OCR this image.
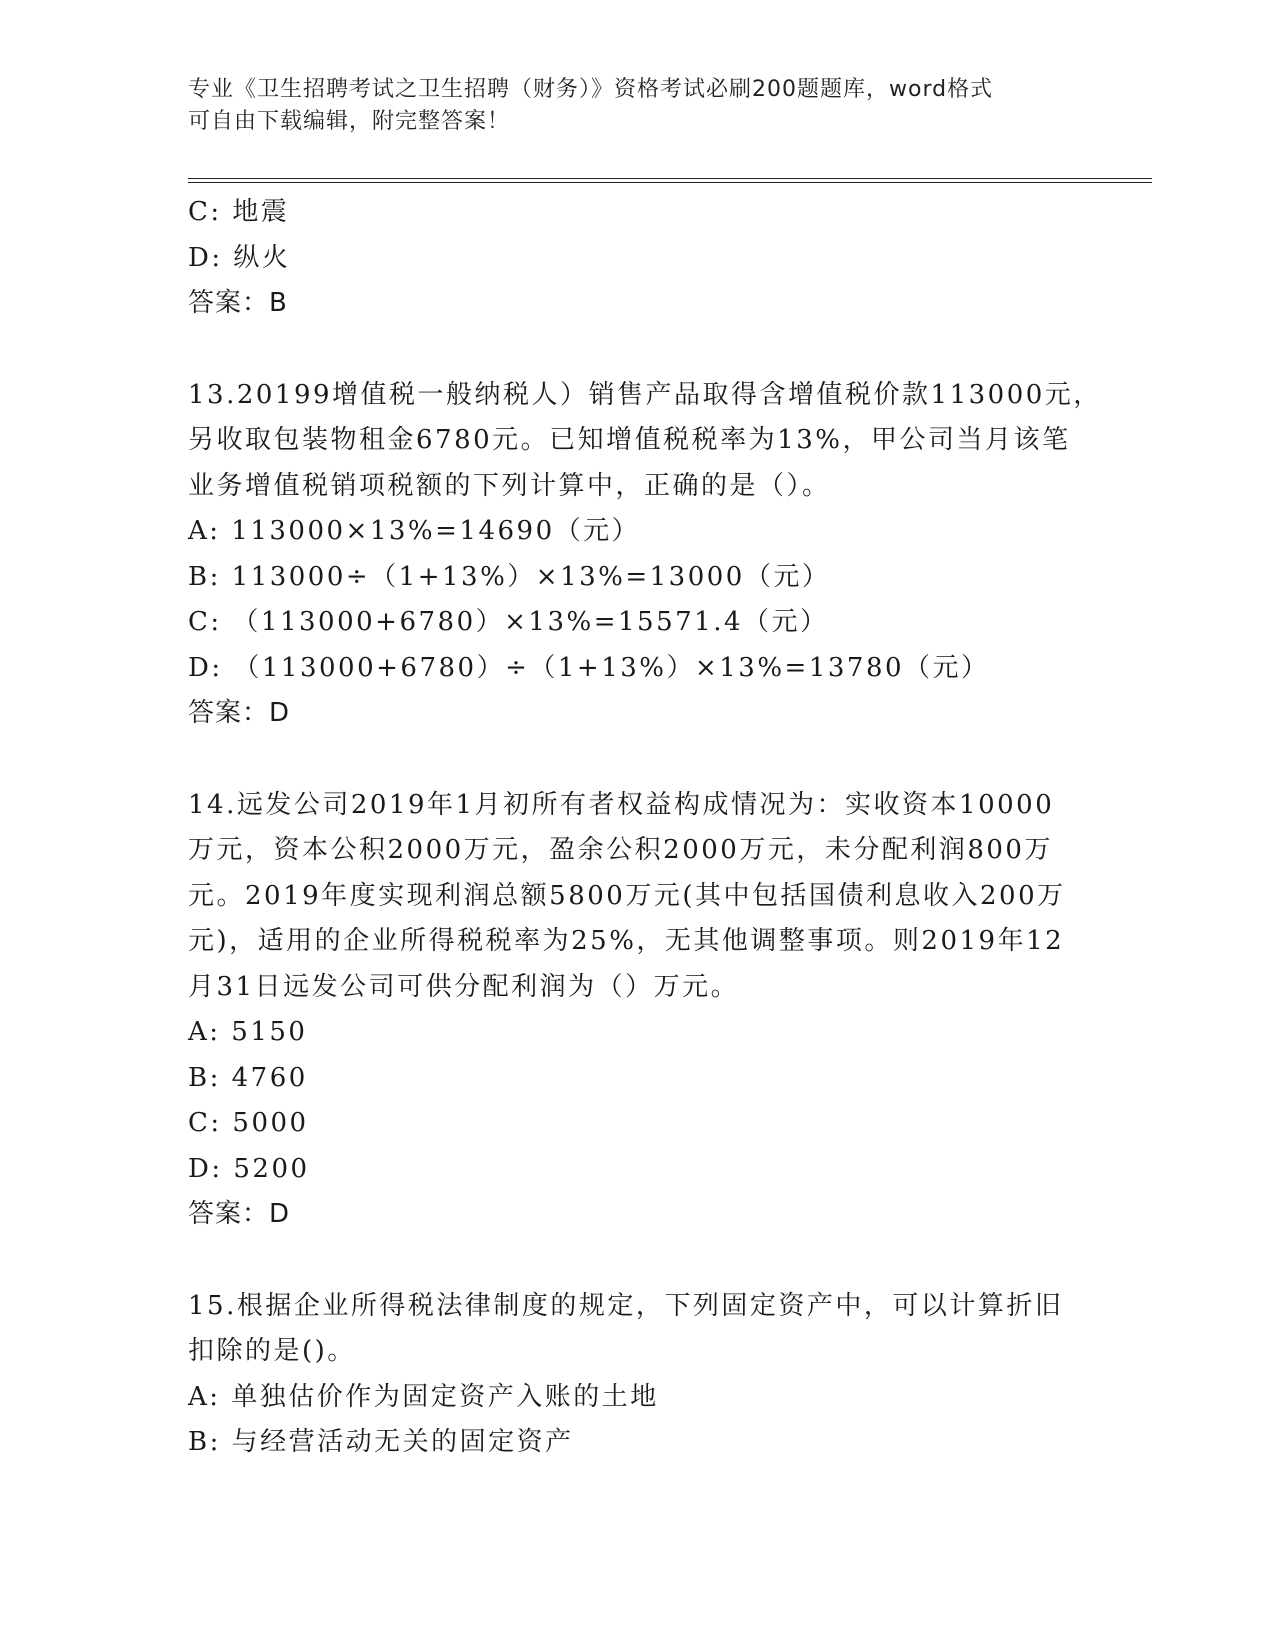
专业《卫生招聘考试之卫生招聘（财务）》资格考试必刷200题题库，word格式
可自由下载编辑，附完整答案！
C: 地震
D: 纵火
答案：B
13.20199增值税一般纳税人）销售产品取得含增值税价款113000元，
另收取包装物租金6780元。已知增值税税率为13%，甲公司当月该笔
业务增值税销项税额的下列计算中，正确的是（）。
A: 113000×13%=14690（元）
B: 113000÷（1+13%）×13%=13000（元）
C: （113000+6780）×13%=15571.4（元）
D: （113000+6780）÷（1+13%）×13%=13780（元）
答案：D
14.远发公司2019年1月初所有者权益构成情况为：实收资本10000
万元，资本公积2000万元，盈余公积2000万元，未分配利润800万
元。2019年度实现利润总额5800万元(其中包括国债利息收入200万
元)，适用的企业所得税税率为25%，无其他调整事项。则2019年12
月31日远发公司可供分配利润为（）万元。
A: 5150
B: 4760
C: 5000
D: 5200
答案：D
15.根据企业所得税法律制度的规定，下列固定资产中，可以计算折旧
扣除的是()。
A: 单独估价作为固定资产入账的土地
B: 与经营活动无关的固定资产
